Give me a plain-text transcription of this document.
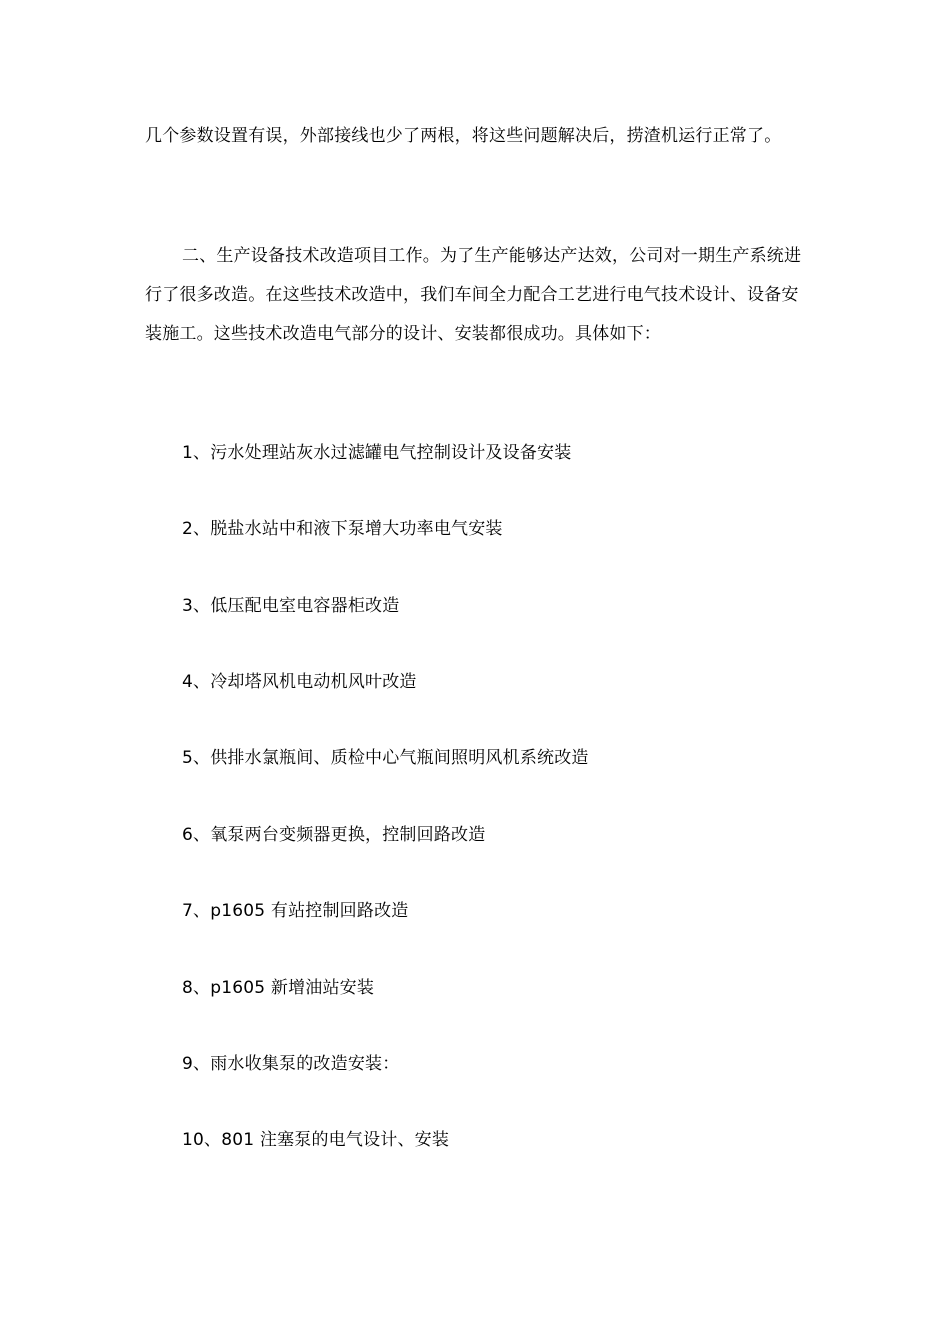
几个参数设置有误，外部接线也少了两根，将这些问题解决后，捞渣机运行正常了。

二、生产设备技术改造项目工作。为了生产能够达产达效，公司对一期生产系统进行了很多改造。在这些技术改造中，我们车间全力配合工艺进行电气技术设计、设备安装施工。这些技术改造电气部分的设计、安装都很成功。具体如下：

1、污水处理站灰水过滤罐电气控制设计及设备安装

2、脱盐水站中和液下泵增大功率电气安装

3、低压配电室电容器柜改造

4、冷却塔风机电动机风叶改造

5、供排水氯瓶间、质检中心气瓶间照明风机系统改造

6、氧泵两台变频器更换，控制回路改造

7、p1605 有站控制回路改造

8、p1605 新增油站安装

9、雨水收集泵的改造安装：

10、801 注塞泵的电气设计、安装
